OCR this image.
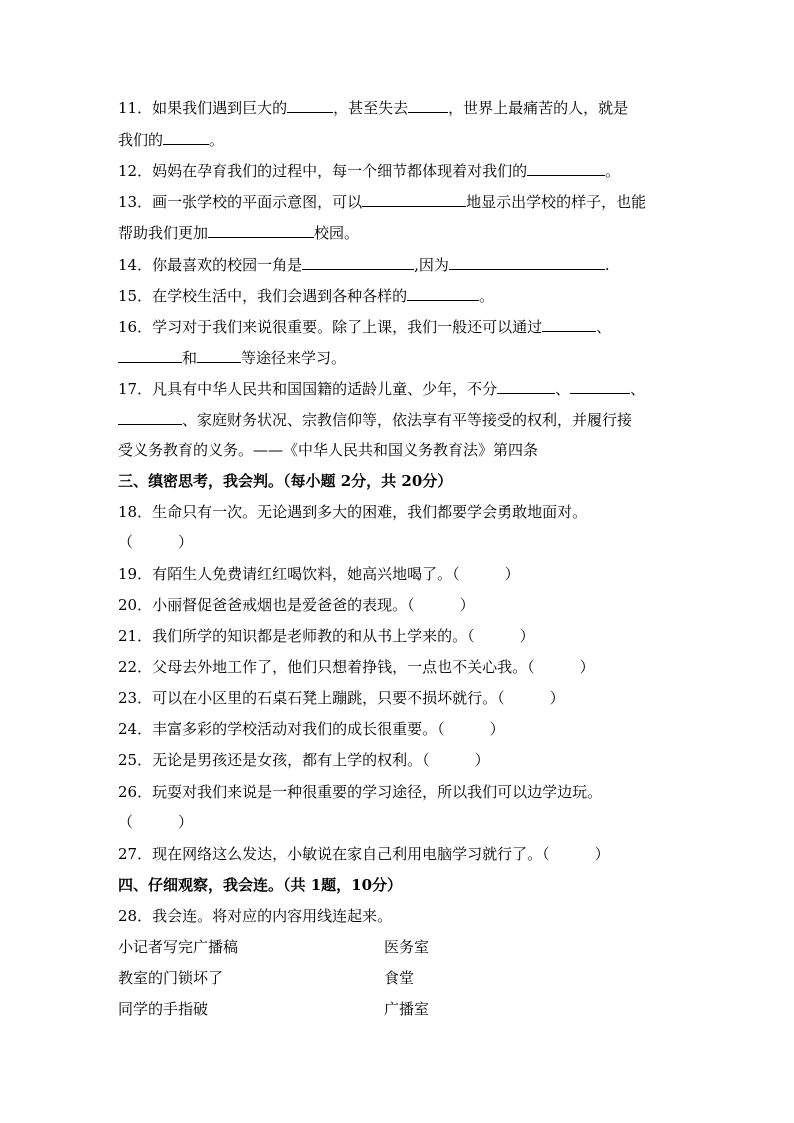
11．如果我们遇到巨大的	，甚至失去	，世界上最痛苦的人，就是
我们的	。
12．妈妈在孕育我们的过程中，每一个细节都体现着对我们的	。
13．画一张学校的平面示意图，可以	地显示出学校的样子，也能
帮助我们更加	校园。
14．你最喜欢的校园一角是	,因为	.
15．在学校生活中，我们会遇到各种各样的	。
16．学习对于我们来说很重要。除了上课，我们一般还可以通过	、
和	等途径来学习。
17．凡具有中华人民共和国国籍的适龄儿童、少年，不分	、	、
、家庭财务状况、宗教信仰等，依法享有平等接受的权利，并履行接
受义务教育的义务。——《中华人民共和国义务教育法》第四条
三、缜密思考，我会判。（每小题 2分，共 20分）
18．生命只有一次。无论遇到多大的困难，我们都要学会勇敢地面对。
（　　　）
19．有陌生人免费请红红喝饮料，她高兴地喝了。（　　　）
20．小丽督促爸爸戒烟也是爱爸爸的表现。（　　　）
21．我们所学的知识都是老师教的和从书上学来的。（　　　）
22．父母去外地工作了，他们只想着挣钱，一点也不关心我。（　　　）
23．可以在小区里的石桌石凳上蹦跳，只要不损坏就行。（　　　）
24．丰富多彩的学校活动对我们的成长很重要。（　　　）
25．无论是男孩还是女孩，都有上学的权利。（　　　）
26．玩耍对我们来说是一种很重要的学习途径，所以我们可以边学边玩。
（　　　）
27．现在网络这么发达，小敏说在家自己利用电脑学习就行了。（　　　）
四、仔细观察，我会连。（共 1题，10分）
28．我会连。将对应的内容用线连起来。
小记者写完广播稿	医务室
教室的门锁坏了	食堂
同学的手指破	广播室
